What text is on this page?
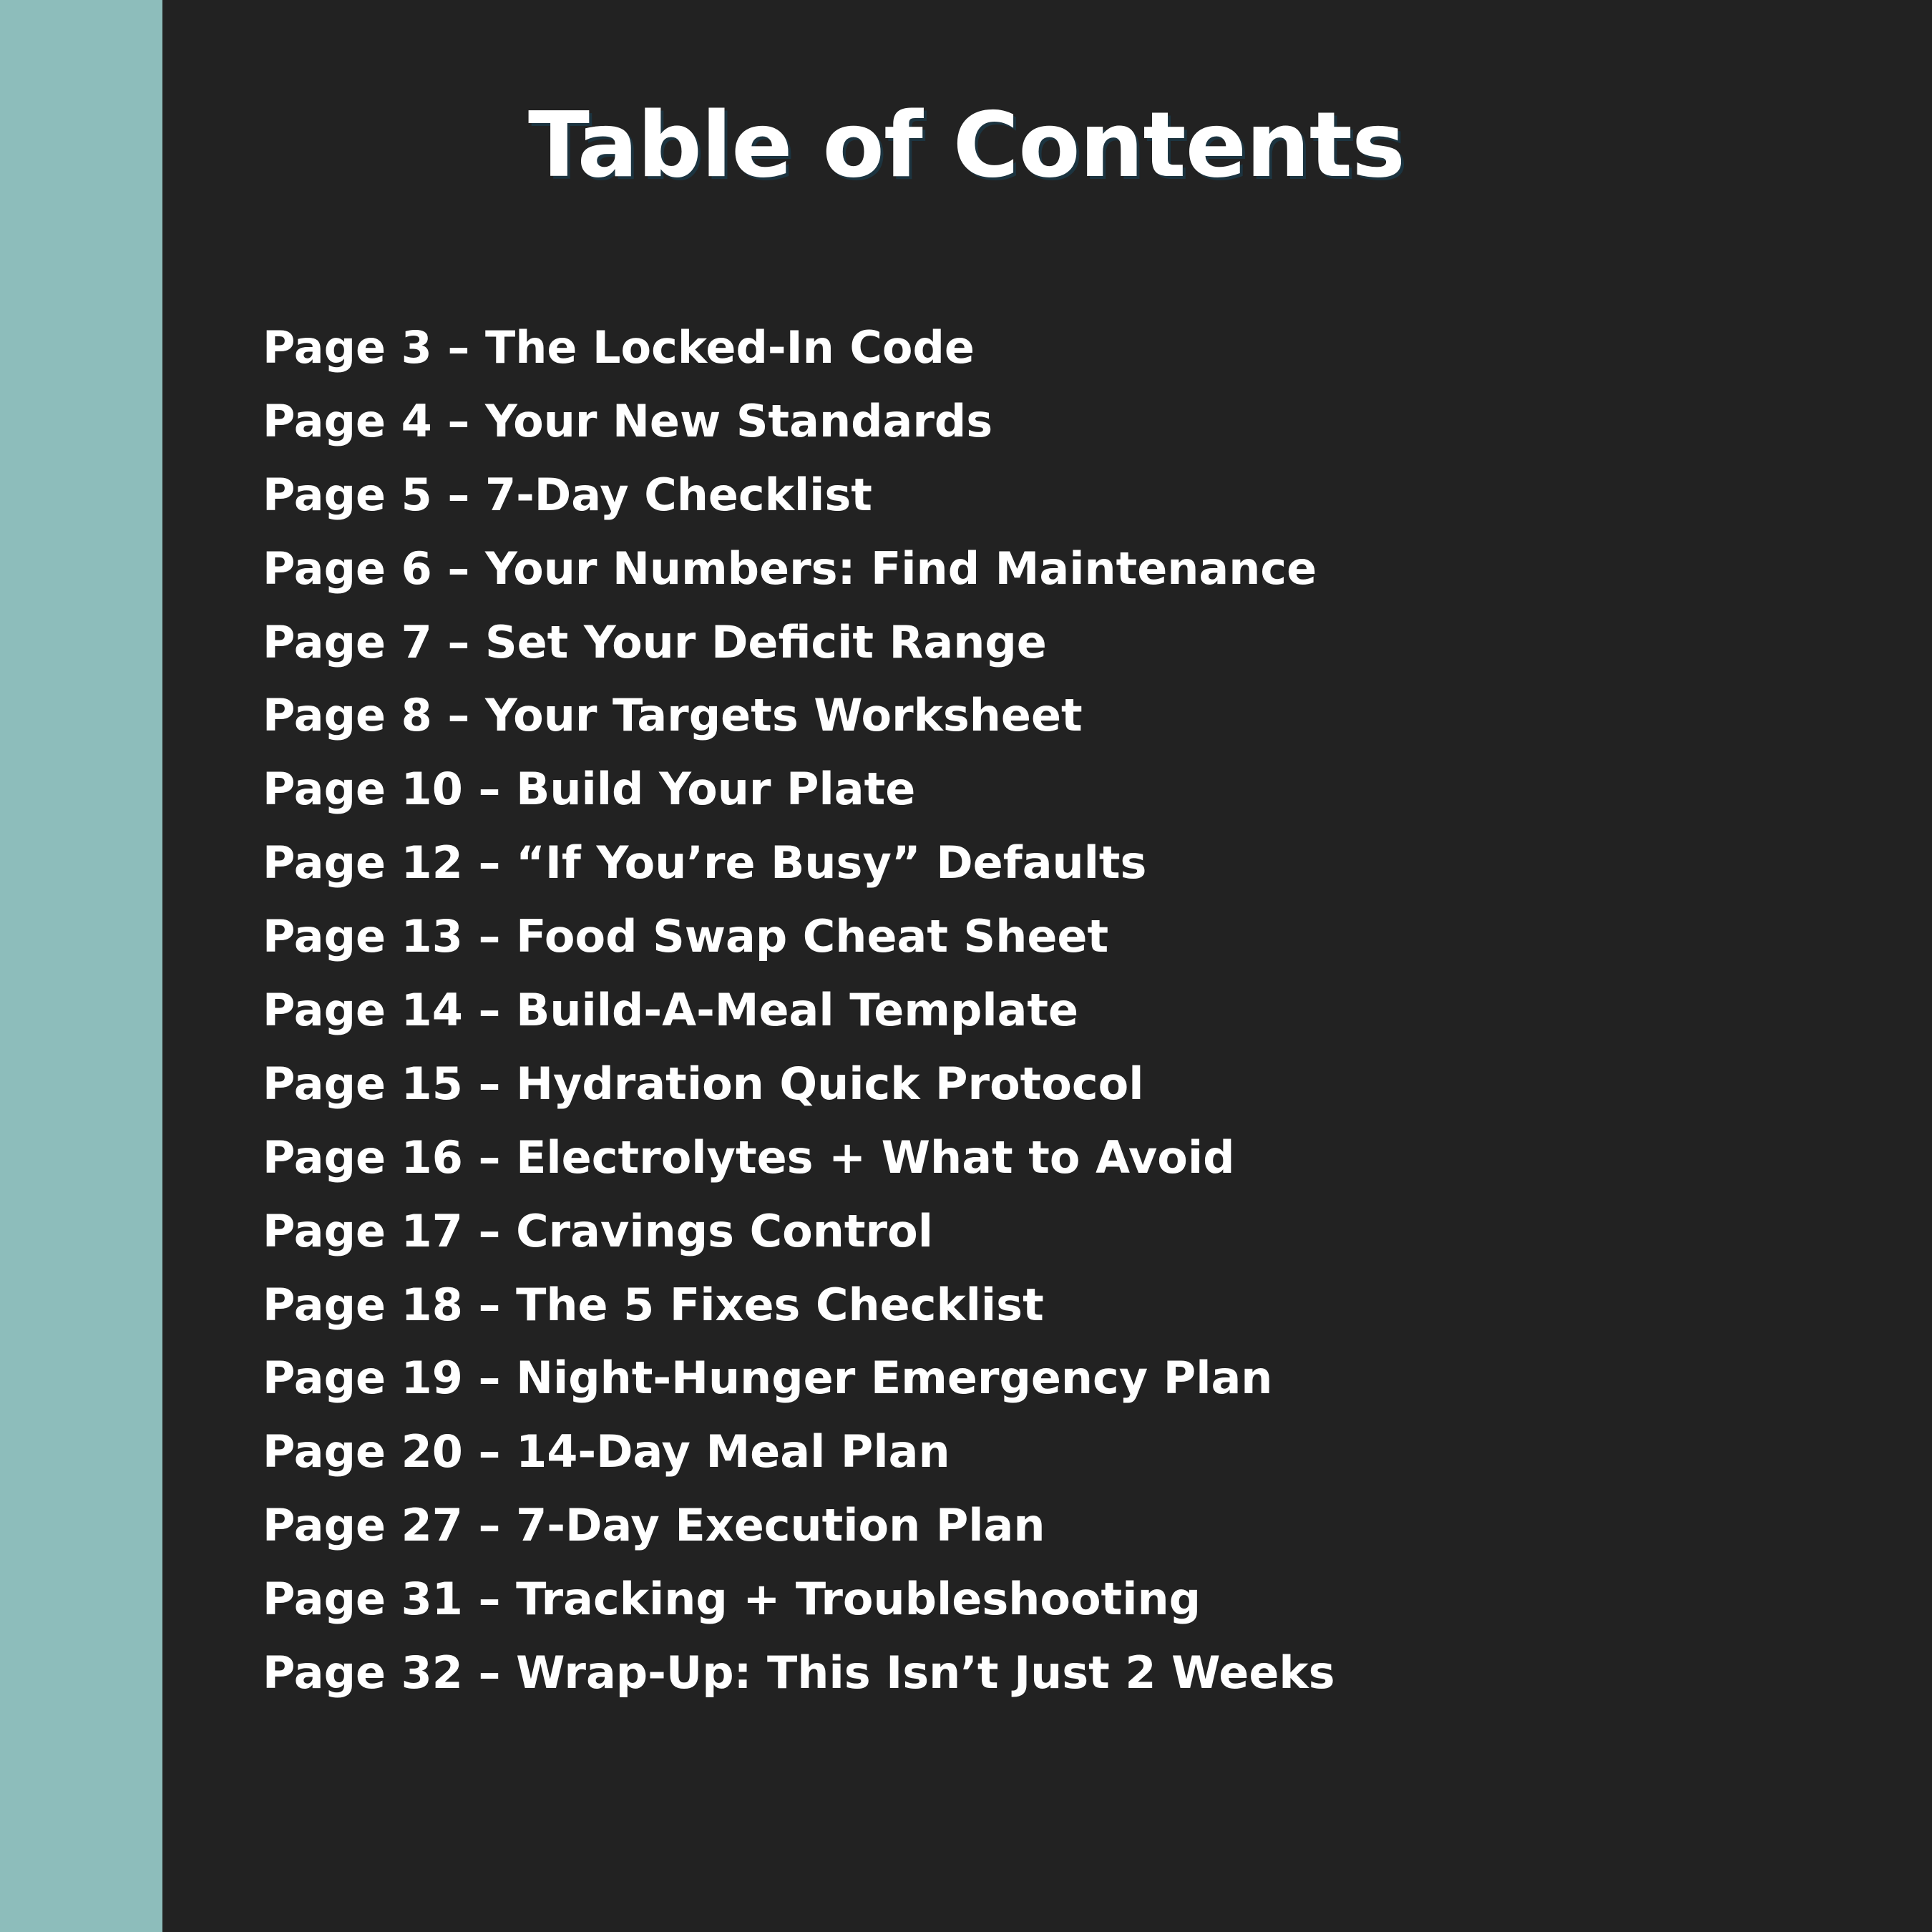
Table of Contents
Page 3 – The Locked-In Code
Page 4 – Your New Standards
Page 5 – 7-Day Checklist
Page 6 – Your Numbers: Find Maintenance
Page 7 – Set Your Deficit Range
Page 8 – Your Targets Worksheet
Page 10 – Build Your Plate
Page 12 – “If You’re Busy” Defaults
Page 13 – Food Swap Cheat Sheet
Page 14 – Build-A-Meal Template
Page 15 – Hydration Quick Protocol
Page 16 – Electrolytes + What to Avoid
Page 17 – Cravings Control
Page 18 – The 5 Fixes Checklist
Page 19 – Night-Hunger Emergency Plan
Page 20 – 14-Day Meal Plan
Page 27 – 7-Day Execution Plan
Page 31 – Tracking + Troubleshooting
Page 32 – Wrap-Up: This Isn’t Just 2 Weeks
